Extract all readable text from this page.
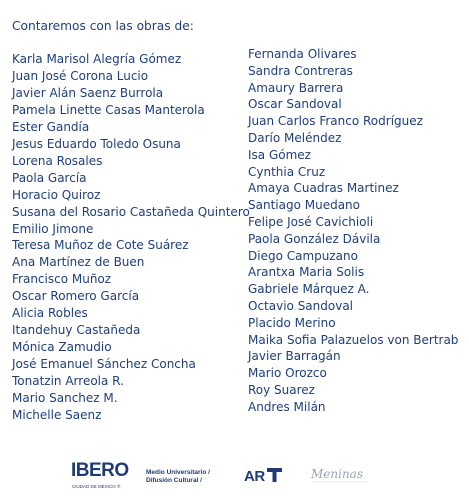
Contaremos con las obras de:
Karla Marisol Alegría Gómez
Juan José Corona Lucio
Javier Alán Saenz Burrola
Pamela Linette Casas Manterola
Ester Gandía
Jesus Eduardo Toledo Osuna
Lorena Rosales
Paola García
Horacio Quiroz
Susana del Rosario Castañeda Quintero
Emilio Jimone
Teresa Muñoz de Cote Suárez
Ana Martínez de Buen
Francisco Muñoz
Oscar Romero García
Alicia Robles
Itandehuy Castañeda
Mónica Zamudio
José Emanuel Sánchez Concha
Tonatzin Arreola R.
Mario Sanchez M.
Michelle Saenz
Fernanda Olivares
Sandra Contreras
Amaury Barrera
Oscar Sandoval
Juan Carlos Franco Rodríguez
Darío Meléndez
Isa Gómez
Cynthia Cruz
Amaya Cuadras Martinez
Santiago Muedano
Felipe José Cavichioli
Paola González Dávila
Diego Campuzano
Arantxa Maria Solis
Gabriele Márquez A.
Octavio Sandoval
Placido Merino
Maika Sofia Palazuelos von Bertrab
Javier Barragán
Mario Orozco
Roy Suarez
Andres Milán
IBERO
CIUDAD DE MÉXICO ®
Medio Universitario /
Difusión Cultural /	AR	Meninas
